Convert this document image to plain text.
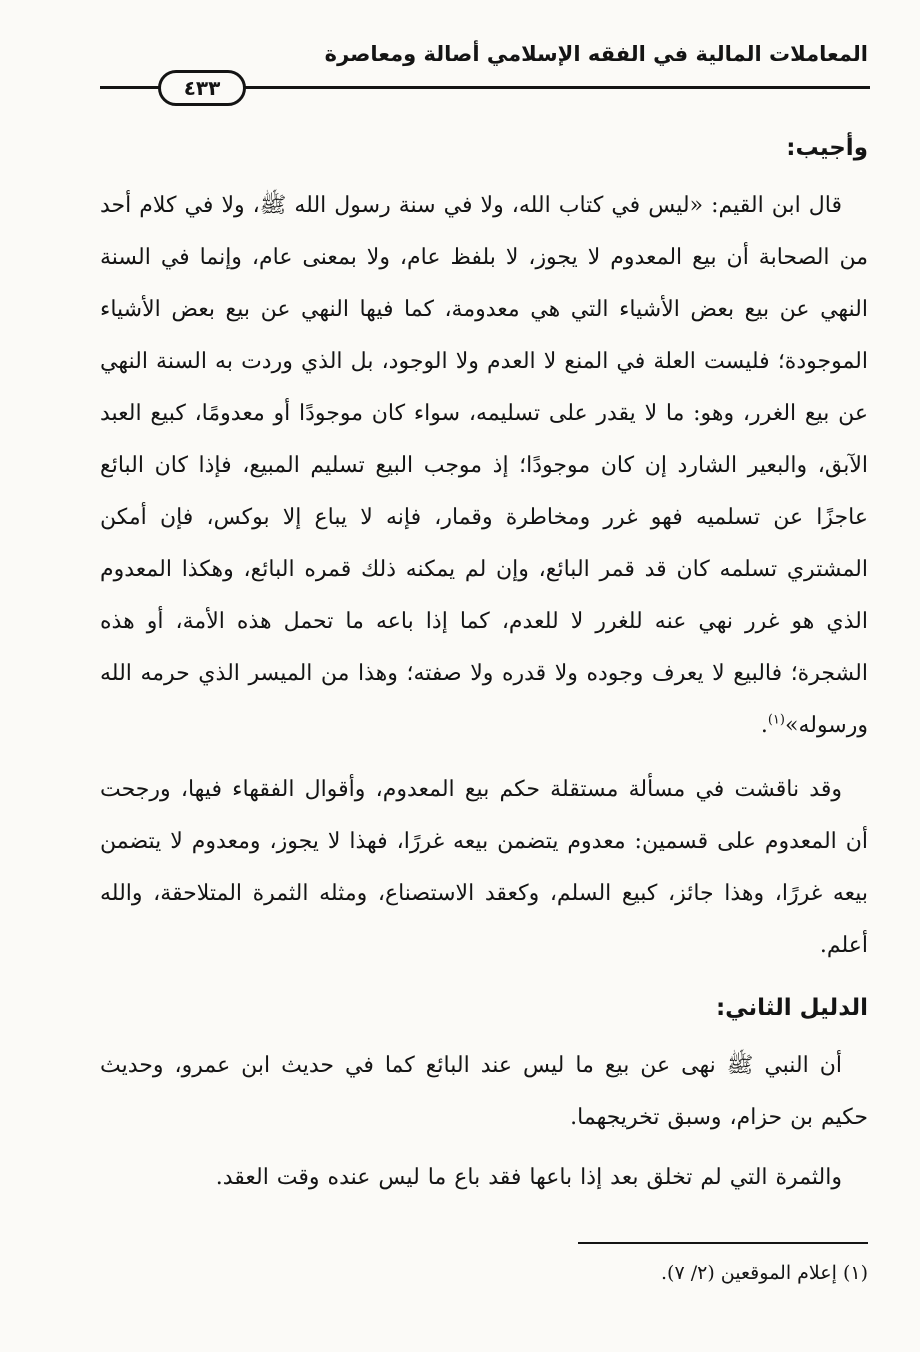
المعاملات المالية في الفقه الإسلامي أصالة ومعاصرة
٤٣٣
وأجيب:

قال ابن القيم: «ليس في كتاب الله، ولا في سنة رسول الله ﷺ، ولا في كلام أحد من الصحابة أن بيع المعدوم لا يجوز، لا بلفظ عام، ولا بمعنى عام، وإنما في السنة النهي عن بيع بعض الأشياء التي هي معدومة، كما فيها النهي عن بيع بعض الأشياء الموجودة؛ فليست العلة في المنع لا العدم ولا الوجود، بل الذي وردت به السنة النهي عن بيع الغرر، وهو: ما لا يقدر على تسليمه، سواء كان موجودًا أو معدومًا، كبيع العبد الآبق، والبعير الشارد إن كان موجودًا؛ إذ موجب البيع تسليم المبيع، فإذا كان البائع عاجزًا عن تسلميه فهو غرر ومخاطرة وقمار، فإنه لا يباع إلا بوكس، فإن أمكن المشتري تسلمه كان قد قمر البائع، وإن لم يمكنه ذلك قمره البائع، وهكذا المعدوم الذي هو غرر نهي عنه للغرر لا للعدم، كما إذا باعه ما تحمل هذه الأمة، أو هذه الشجرة؛ فالبيع لا يعرف وجوده ولا قدره ولا صفته؛ وهذا من الميسر الذي حرمه الله ورسوله»$^{(١)}$.

وقد ناقشت في مسألة مستقلة حكم بيع المعدوم، وأقوال الفقهاء فيها، ورجحت أن المعدوم على قسمين: معدوم يتضمن بيعه غررًا، فهذا لا يجوز، ومعدوم لا يتضمن بيعه غررًا، وهذا جائز، كبيع السلم، وكعقد الاستصناع، ومثله الثمرة المتلاحقة، والله أعلم.

الدليل الثاني:

أن النبي ﷺ نهى عن بيع ما ليس عند البائع كما في حديث ابن عمرو، وحديث حكيم بن حزام، وسبق تخريجهما.

والثمرة التي لم تخلق بعد إذا باعها فقد باع ما ليس عنده وقت العقد.

(١) إعلام الموقعين (٢/ ٧).
